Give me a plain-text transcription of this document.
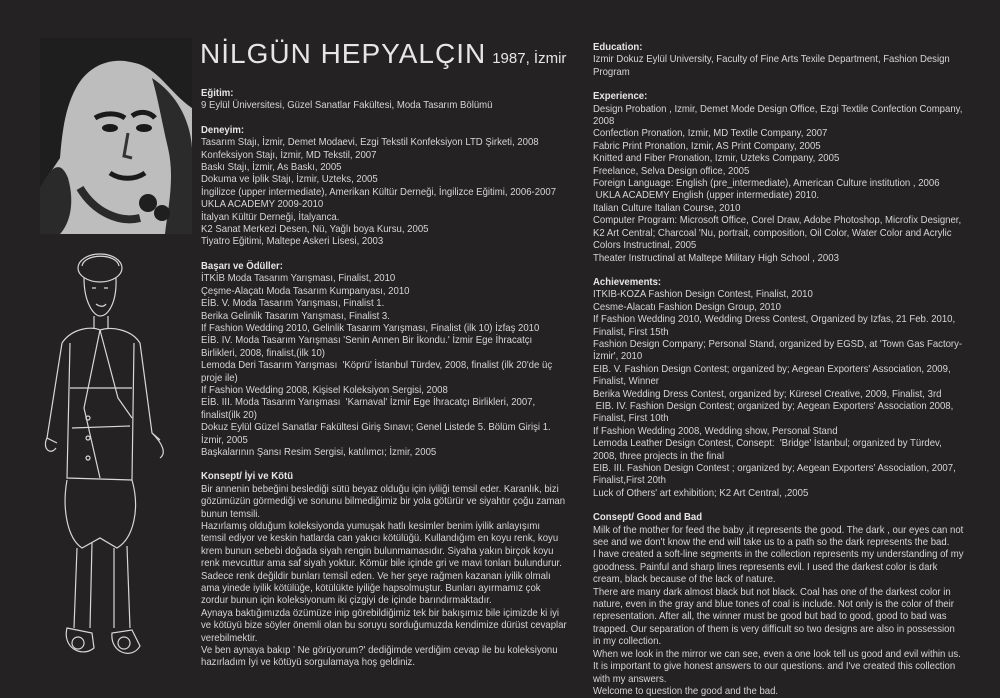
NİLGÜN HEPYALÇIN 1987, İzmir

Eğitim:

9 Eylül Üniversitesi, Güzel Sanatlar Fakültesi, Moda Tasarım Bölümü

Deneyim:

Tasarım Stajı, İzmir, Demet Modaevi, Ezgi Tekstil Konfeksiyon LTD Şirketi, 2008
Konfeksiyon Stajı, İzmir, MD Tekstil, 2007
Baskı Stajı, İzmir, As Baskı, 2005
Dokuma ve İplik Stajı, İzmir, Uzteks, 2005
İngilizce (upper intermediate), Amerikan Kültür Derneği, İngilizce Eğitimi, 2006-2007
UKLA ACADEMY 2009-2010
İtalyan Kültür Derneği, İtalyanca.
K2 Sanat Merkezi Desen, Nü, Yağlı boya Kursu, 2005
Tiyatro Eğitimi, Maltepe Askeri Lisesi, 2003

Başarı ve Ödüller:

İTKİB Moda Tasarım Yarışması, Finalist, 2010
Çeşme-Alaçatı Moda Tasarım Kumpanyası, 2010
EİB. V. Moda Tasarım Yarışması, Finalist 1.
Berika Gelinlik Tasarım Yarışması, Finalist 3.
If Fashion Wedding 2010, Gelinlik Tasarım Yarışması, Finalist (ilk 10) İzfaş 2010
EİB. IV. Moda Tasarım Yarışması 'Senin Annen Bir İkondu.' İzmir Ege İhracatçı Birlikleri, 2008, finalist,(ilk 10)
Lemoda Deri Tasarım Yarışması  'Köprü' İstanbul Türdev, 2008, finalist (ilk 20'de üç proje ile)
If Fashion Wedding 2008, Kişisel Koleksiyon Sergisi, 2008
EİB. III. Moda Tasarım Yarışması  'Karnaval' İzmir Ege İhracatçı Birlikleri, 2007, finalist(ilk 20)
Dokuz Eylül Güzel Sanatlar Fakültesi Giriş Sınavı; Genel Listede 5. Bölüm Girişi 1. İzmir, 2005
Başkalarının Şansı Resim Sergisi, katılımcı; İzmir, 2005

Konsept/ İyi ve Kötü

Bir annenin bebeğini beslediği sütü beyaz olduğu için iyiliği temsil eder. Karanlık, bizi gözümüzün görmediği ve sonunu bilmediğimiz bir yola götürür ve siyahtır çoğu zaman bunun temsili.
Hazırlamış olduğum koleksiyonda yumuşak hatlı kesimler benim iyilik anlayışımı temsil ediyor ve keskin hatlarda can yakıcı kötülüğü. Kullandığım en koyu renk, koyu krem bunun sebebi doğada siyah rengin bulunmamasıdır. Siyaha yakın birçok koyu renk mevcuttur ama saf siyah yoktur. Kömür bile içinde gri ve mavi tonları bulundurur.
Sadece renk değildir bunları temsil eden. Ve her şeye rağmen kazanan iyilik olmalı ama yinede iyilik kötülüğe, kötülükte iyiliğe hapsolmuştur. Bunları ayırmamız çok zordur bunun için koleksiyonum iki çizgiyi de içinde barındırmaktadır.
Aynaya baktığımızda özümüze inip görebildiğimiz tek bir bakışımız bile içimizde ki iyi ve kötüyü bize söyler önemli olan bu soruyu sorduğumuzda kendimize dürüst cevaplar verebilmektir.
Ve ben aynaya bakıp ' Ne görüyorum?' dediğimde verdiğim cevap ile bu koleksiyonu hazırladım İyi ve kötüyü sorgulamaya hoş geldiniz.

Education:

Izmir Dokuz Eylül University, Faculty of Fine Arts Texile Department, Fashion Design Program

Experience:

Design Probation , Izmir, Demet Mode Design Office, Ezgi Textile Confection Company, 2008
Confection Pronation, Izmir, MD Textile Company, 2007
Fabric Print Pronation, Izmir, AS Print Company, 2005
Knitted and Fiber Pronation, Izmir, Uzteks Company, 2005
Freelance, Selva Design office, 2005
Foreign Language: English (pre_intermediate), American Culture institution , 2006
UKLA ACADEMY English (upper intermediate) 2010.
Italian Culture Italian Course, 2010
Computer Program: Microsoft Office, Corel Draw, Adobe Photoshop, Microfix Designer,
K2 Art Central; Charcoal 'Nu, portrait, composition, Oil Color, Water Color and Acrylic Colors Instructinal, 2005
Theater Instructinal at Maltepe Military High School , 2003

Achievements:

ITKIB-KOZA Fashion Design Contest, Finalist, 2010
Cesme-Alacatı Fashion Design Group, 2010
If Fashion Wedding 2010, Wedding Dress Contest, Organized by Izfas, 21 Feb. 2010, Finalist, First 15th
Fashion Design Company; Personal Stand, organized by EGSD, at 'Town Gas Factory- İzmir', 2010
EIB. V. Fashion Design Contest; organized by; Aegean Exporters' Association, 2009, Finalist, Winner
Berika Wedding Dress Contest, organized by; Küresel Creative, 2009, Finalist, 3rd
EIB. IV. Fashion Design Contest; organized by; Aegean Exporters' Association 2008, Finalist, First 10th
If Fashion Wedding 2008, Wedding show, Personal Stand
Lemoda Leather Design Contest, Consept:  'Bridge' İstanbul; organized by Türdev, 2008, three projects in the final
EIB. III. Fashion Design Contest ; organized by; Aegean Exporters' Association, 2007, Finalist,First 20th
Luck of Others' art exhibition; K2 Art Central, ,2005

Consept/ Good and Bad

Milk of the mother for feed the baby ,it represents the good. The dark , our eyes can not see and we don't know the end will take us to a path so the dark represents the bad.
I have created a soft-line segments in the collection represents my understanding of my goodness. Painful and sharp lines represents evil. I used the darkest color is dark cream, black because of the lack of nature.
There are many dark almost black but not black. Coal has one of the darkest color in nature, even in the gray and blue tones of coal is include. Not only is the color of their representation. After all, the winner must be good but bad to good, good to bad was trapped. Our separation of them is very difficult so two designs are also in possession in my collection.
When we look in the mirror we can see, even a one look tell us good and evil within us. It is important to give honest answers to our questions. and I've created this collection with my answers.
Welcome to question the good and the bad.
